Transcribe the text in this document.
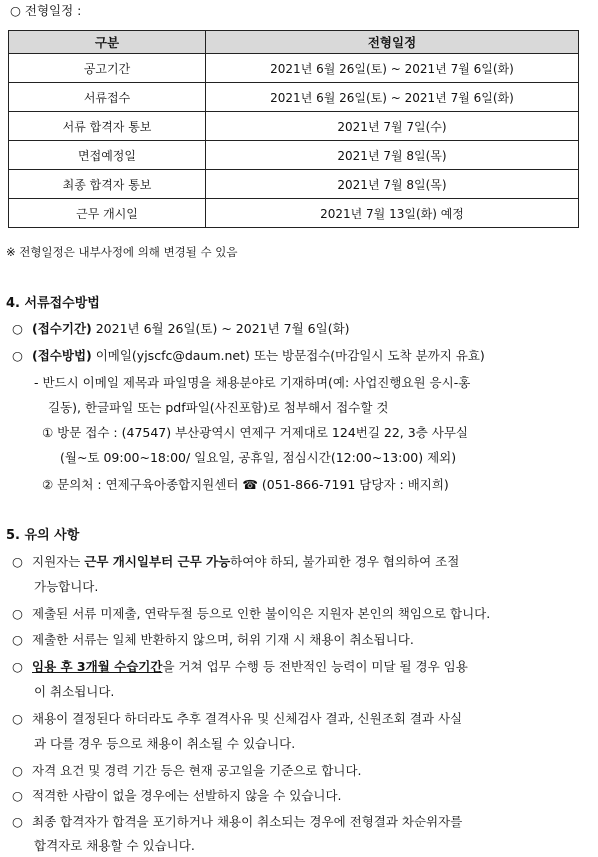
○ 전형일정 :
구분	전형일정
공고기간	2021년 6월 26일(토) ~ 2021년 7월 6일(화)
서류접수	2021년 6월 26일(토) ~ 2021년 7월 6일(화)
서류 합격자 통보	2021년 7월 7일(수)
면접예정일	2021년 7월 8일(목)
최종 합격자 통보	2021년 7월 8일(목)
근무 개시일	2021년 7월 13일(화) 예정
※ 전형일정은 내부사정에 의해 변경될 수 있음
4. 서류접수방법
○ (접수기간) 2021년 6월 26일(토) ~ 2021년 7월 6일(화)
○ (접수방법) 이메일(yjscfc@daum.net) 또는 방문접수(마감일시 도착 분까지 유효)
- 반드시 이메일 제목과 파일명을 채용분야로 기재하며(예: 사업진행요원 응시-홍
길동), 한글파일 또는 pdf파일(사진포함)로 첨부해서 접수할 것
① 방문 접수 : (47547) 부산광역시 연제구 거제대로 124번길 22, 3층 사무실
(월~토 09:00~18:00/ 일요일, 공휴일, 점심시간(12:00~13:00) 제외)
② 문의처 : 연제구육아종합지원센터 ☎ (051-866-7191 담당자 : 배지희)
5. 유의 사항
○ 지원자는 근무 개시일부터 근무 가능하여야 하되, 불가피한 경우 협의하여 조절
가능합니다.
○ 제출된 서류 미제출, 연락두절 등으로 인한 불이익은 지원자 본인의 책임으로 합니다.
○ 제출한 서류는 일체 반환하지 않으며, 허위 기재 시 채용이 취소됩니다.
○ 임용 후 3개월 수습기간을 거쳐 업무 수행 등 전반적인 능력이 미달 될 경우 임용
이 취소됩니다.
○ 채용이 결정된다 하더라도 추후 결격사유 및 신체검사 결과, 신원조회 결과 사실
과 다를 경우 등으로 채용이 취소될 수 있습니다.
○ 자격 요건 및 경력 기간 등은 현재 공고일을 기준으로 합니다.
○ 적격한 사람이 없을 경우에는 선발하지 않을 수 있습니다.
○ 최종 합격자가 합격을 포기하거나 채용이 취소되는 경우에 전형결과 차순위자를
합격자로 채용할 수 있습니다.
